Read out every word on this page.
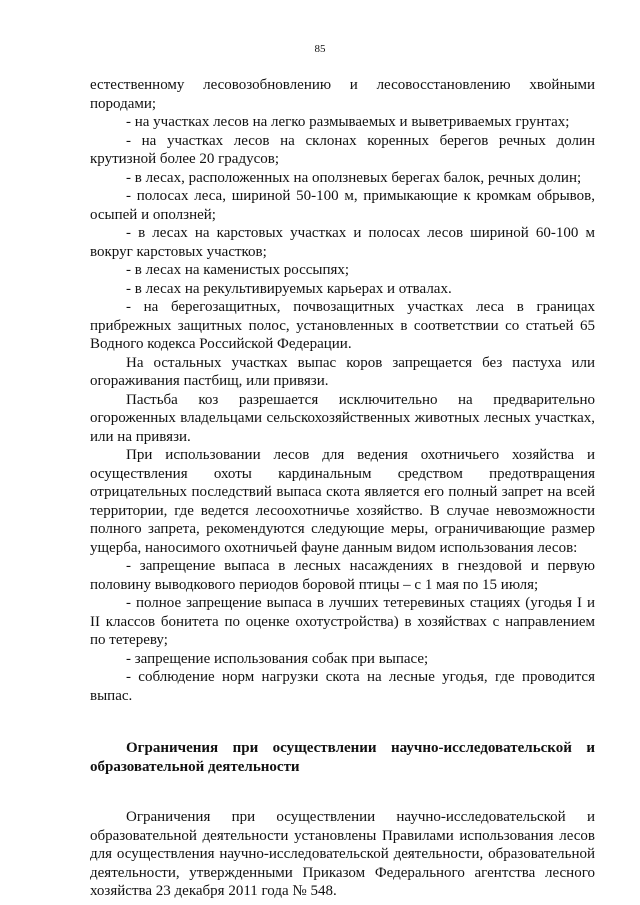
85

естественному лесовозобновлению и лесовосстановлению хвойными породами;

- на участках лесов на легко размываемых и выветриваемых грунтах;

- на участках лесов на склонах коренных берегов речных долин крутизной более 20 градусов;

- в лесах, расположенных на оползневых берегах балок, речных долин;

- полосах леса, шириной 50-100 м, примыкающие к кромкам обрывов, осыпей и оползней;

- в лесах на карстовых участках и полосах лесов шириной 60-100 м вокруг карстовых участков;

- в лесах на каменистых россыпях;

- в лесах на рекультивируемых карьерах и отвалах.

- на берегозащитных, почвозащитных участках леса в границах прибрежных защитных полос, установленных в соответствии со статьей 65 Водного кодекса Российской Федерации.

На остальных участках выпас коров запрещается без пастуха или огораживания пастбищ, или привязи.

Пастьба коз разрешается исключительно на предварительно огороженных владельцами сельскохозяйственных животных лесных участках, или на привязи.

При использовании лесов для ведения охотничьего хозяйства и осуществления охоты кардинальным средством предотвращения отрицательных последствий выпаса скота является его полный запрет на всей территории, где ведется лесоохотничье хозяйство. В случае невозможности полного запрета, рекомендуются следующие меры, ограничивающие размер ущерба, наносимого охотничьей фауне данным видом использования лесов:

- запрещение выпаса в лесных насаждениях в гнездовой и первую половину выводкового периодов боровой птицы – с 1 мая по 15 июля;

- полное запрещение выпаса в лучших тетеревиных стациях (угодья I и II классов бонитета по оценке охотустройства) в хозяйствах с направлением по тетереву;

- запрещение использования собак при выпасе;

- соблюдение норм нагрузки скота на лесные угодья, где проводится выпас.

Ограничения при осуществлении научно-исследовательской и образовательной деятельности

Ограничения при осуществлении научно-исследовательской и образовательной деятельности установлены Правилами использования лесов для осуществления научно-исследовательской деятельности, образовательной деятельности, утвержденными Приказом Федерального агентства лесного хозяйства 23 декабря 2011 года № 548.
